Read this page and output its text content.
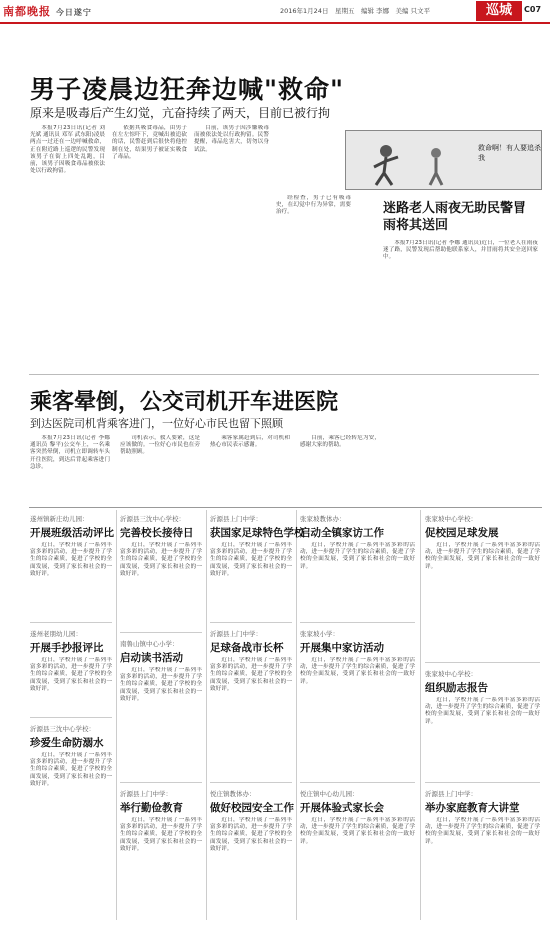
南都晚报 今日遂宁	2016年1月24日　星期五　编辑 李娜　美编 只文平	巡城	C07
男子凌晨边狂奔边喊"救命"
原来是吸毒后产生幻觉，亢奋持续了两天，目前已被行拘

本报7月23日讯(记者 刘光斌 通讯员 邓军 武东阳)凌晨两点一过还在一边呼喊救命，正在附近路上巡逻的民警发现该男子在街上四处乱跑，目前，该男子因吸食毒品被依法处以行政拘留。

依据其吸食毒品，由男子在左左惊吓下，竟喊出被追砍的话，民警赶到后很快将他控制在处，结果男子被证实吸食了毒品。

目前，该男子因涉嫌吸毒而被依法处以行政拘留。民警提醒，毒品危害大，切勿以身试法。

经检查，男子已有吸毒史，在幻觉中行为异常，需要治疗。

救命啊！有人要追杀我
迷路老人雨夜无助民警冒雨将其送回

本报7月23日讯(记者 李娜 通讯员)近日，一位老人在雨夜迷了路，民警发现后帮助他联系家人，并冒雨将其安全送回家中。

乘客晕倒，公交司机开车进医院
到达医院司机背乘客进门，一位好心市民也留下照顾

本报7月23日讯(记者 李娜 通讯员 黎平)公交车上，一名乘客突然晕倒，司机立即调转车头开往医院，到达后背起乘客进门急诊。

司机表示，救人要紧，这是应该做的。一位好心市民也在旁帮助照顾。

乘客家属赶到后，对司机和热心市民表示感谢。

目前，乘客已经转危为安，感谢大家的帮助。

遂州镇新庄幼儿园：
开展班级活动评比

近日，学校开展了一系列丰富多彩的活动，进一步提升了学生的综合素质，促进了学校的全面发展，受到了家长和社会的一致好评。

遂州老朋幼儿园：
开展手抄报评比

近日，学校开展了一系列丰富多彩的活动，进一步提升了学生的综合素质，促进了学校的全面发展，受到了家长和社会的一致好评。

沂源县三沈中心学校：
珍爱生命防溺水

近日，学校开展了一系列丰富多彩的活动，进一步提升了学生的综合素质，促进了学校的全面发展，受到了家长和社会的一致好评。

沂源县三沈中心学校：
完善校长接待日

近日，学校开展了一系列丰富多彩的活动，进一步提升了学生的综合素质，促进了学校的全面发展，受到了家长和社会的一致好评。

南鲁山镇中心小学：
启动读书活动

近日，学校开展了一系列丰富多彩的活动，进一步提升了学生的综合素质，促进了学校的全面发展，受到了家长和社会的一致好评。

沂源县上门中学：
举行勤俭教育

近日，学校开展了一系列丰富多彩的活动，进一步提升了学生的综合素质，促进了学校的全面发展，受到了家长和社会的一致好评。

沂源县上门中学：
获国家足球特色学校

近日，学校开展了一系列丰富多彩的活动，进一步提升了学生的综合素质，促进了学校的全面发展，受到了家长和社会的一致好评。

沂源县上门中学：
足球备战市长杯

近日，学校开展了一系列丰富多彩的活动，进一步提升了学生的综合素质，促进了学校的全面发展，受到了家长和社会的一致好评。

悦庄镇教体办：
做好校园安全工作

近日，学校开展了一系列丰富多彩的活动，进一步提升了学生的综合素质，促进了学校的全面发展，受到了家长和社会的一致好评。

张家坡教体办：
启动全镇家访工作

近日，学校开展了一系列丰富多彩的活动，进一步提升了学生的综合素质，促进了学校的全面发展，受到了家长和社会的一致好评。

张家坡小学：
开展集中家访活动

近日，学校开展了一系列丰富多彩的活动，进一步提升了学生的综合素质，促进了学校的全面发展，受到了家长和社会的一致好评。

悦庄镇中心幼儿园：
开展体验式家长会

近日，学校开展了一系列丰富多彩的活动，进一步提升了学生的综合素质，促进了学校的全面发展，受到了家长和社会的一致好评。

张家坡中心学校：
促校园足球发展

近日，学校开展了一系列丰富多彩的活动，进一步提升了学生的综合素质，促进了学校的全面发展，受到了家长和社会的一致好评。

张家坡中心学校：
组织励志报告

近日，学校开展了一系列丰富多彩的活动，进一步提升了学生的综合素质，促进了学校的全面发展，受到了家长和社会的一致好评。

沂源县上门中学：
举办家庭教育大讲堂

近日，学校开展了一系列丰富多彩的活动，进一步提升了学生的综合素质，促进了学校的全面发展，受到了家长和社会的一致好评。
